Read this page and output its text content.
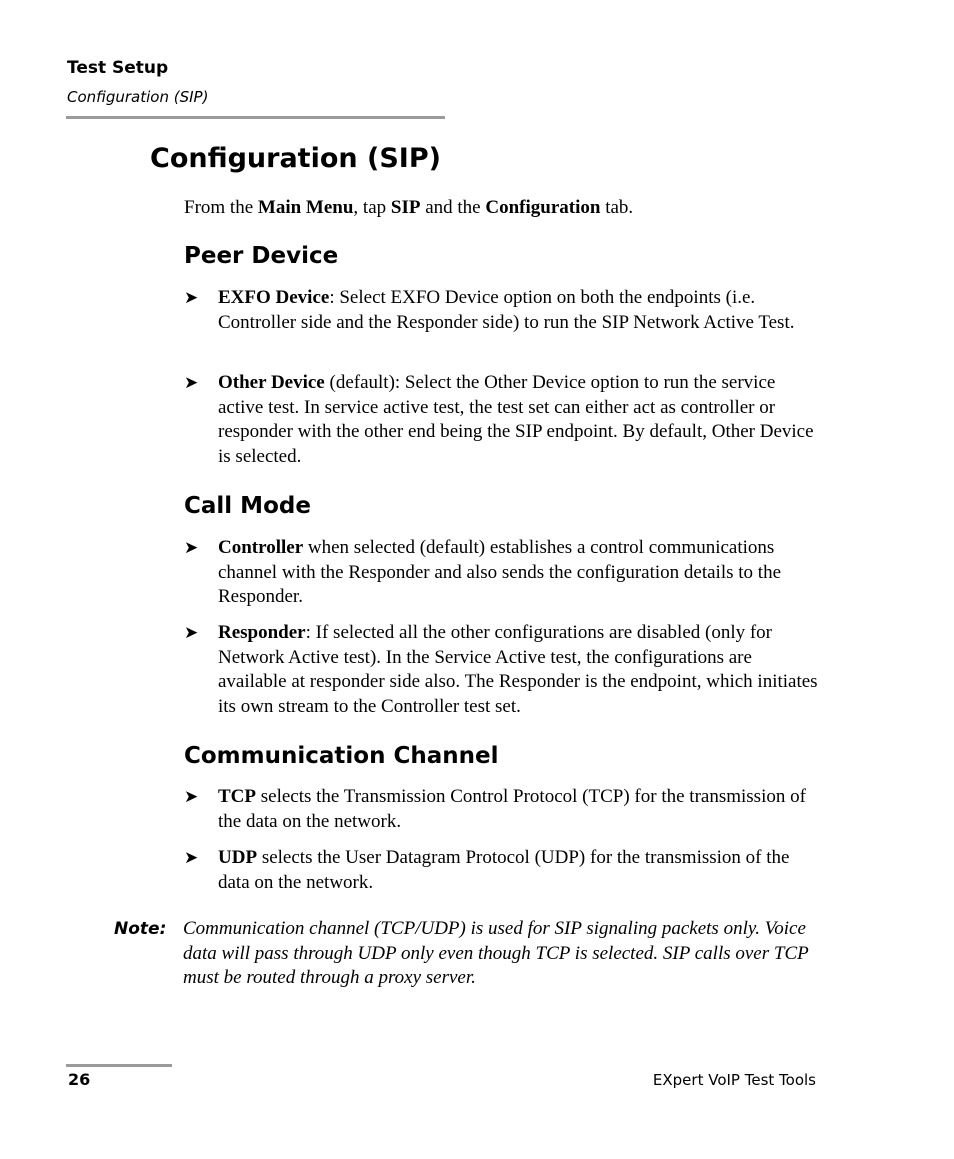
Test Setup
Configuration (SIP)
Configuration (SIP)

From the Main Menu, tap SIP and the Configuration tab.

Peer Device
➤ EXFO Device: Select EXFO Device option on both the endpoints (i.e. Controller side and the Responder side) to run the SIP Network Active Test.
➤ Other Device (default): Select the Other Device option to run the service active test. In service active test, the test set can either act as controller or responder with the other end being the SIP endpoint. By default, Other Device is selected.
Call Mode
➤ Controller when selected (default) establishes a control communications channel with the Responder and also sends the configuration details to the Responder.
➤ Responder: If selected all the other configurations are disabled (only for Network Active test). In the Service Active test, the configurations are available at responder side also. The Responder is the endpoint, which initiates its own stream to the Controller test set.
Communication Channel
➤ TCP selects the Transmission Control Protocol (TCP) for the transmission of the data on the network.
➤ UDP selects the User Datagram Protocol (UDP) for the transmission of the data on the network.
Note: Communication channel (TCP/UDP) is used for SIP signaling packets only. Voice data will pass through UDP only even though TCP is selected. SIP calls over TCP must be routed through a proxy server.
26	EXpert VoIP Test Tools
